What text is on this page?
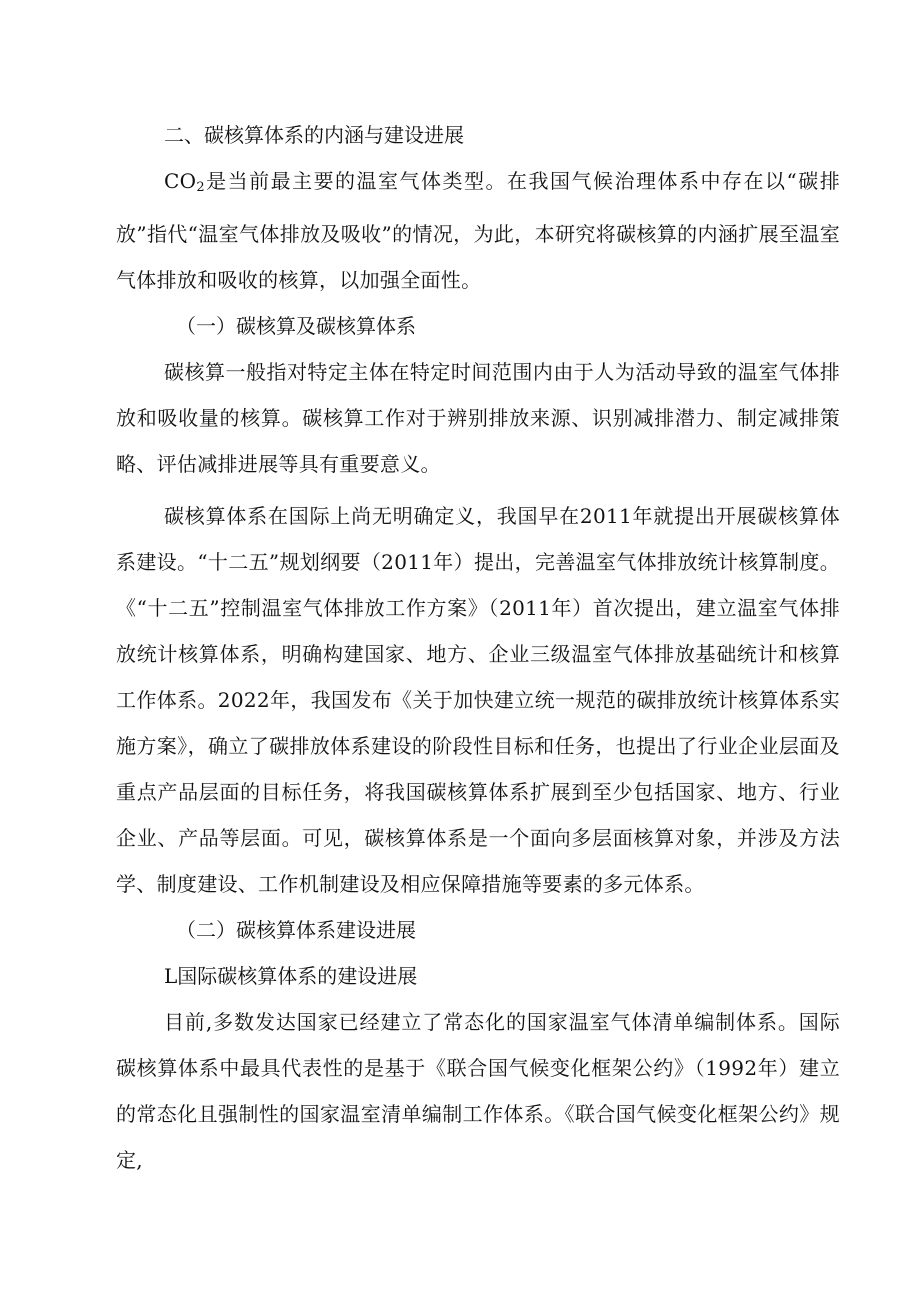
二、碳核算体系的内涵与建设进展

$CO_2$是当前最主要的温室气体类型。在我国气候治理体系中存在以“碳排放”指代“温室气体排放及吸收”的情况，为此，本研究将碳核算的内涵扩展至温室气体排放和吸收的核算，以加强全面性。

（一）碳核算及碳核算体系

碳核算一般指对特定主体在特定时间范围内由于人为活动导致的温室气体排放和吸收量的核算。碳核算工作对于辨别排放来源、识别减排潜力、制定减排策略、评估减排进展等具有重要意义。

碳核算体系在国际上尚无明确定义，我国早在2011年就提出开展碳核算体系建设。“十二五”规划纲要（2011年）提出，完善温室气体排放统计核算制度。《“十二五”控制温室气体排放工作方案》（2011年）首次提出，建立温室气体排放统计核算体系，明确构建国家、地方、企业三级温室气体排放基础统计和核算工作体系。2022年，我国发布《关于加快建立统一规范的碳排放统计核算体系实施方案》，确立了碳排放体系建设的阶段性目标和任务，也提出了行业企业层面及重点产品层面的目标任务，将我国碳核算体系扩展到至少包括国家、地方、行业企业、产品等层面。可见，碳核算体系是一个面向多层面核算对象，并涉及方法学、制度建设、工作机制建设及相应保障措施等要素的多元体系。

（二）碳核算体系建设进展

L国际碳核算体系的建设进展

目前,多数发达国家已经建立了常态化的国家温室气体清单编制体系。国际碳核算体系中最具代表性的是基于《联合国气候变化框架公约》（1992年）建立的常态化且强制性的国家温室清单编制工作体系。《联合国气候变化框架公约》规定,
